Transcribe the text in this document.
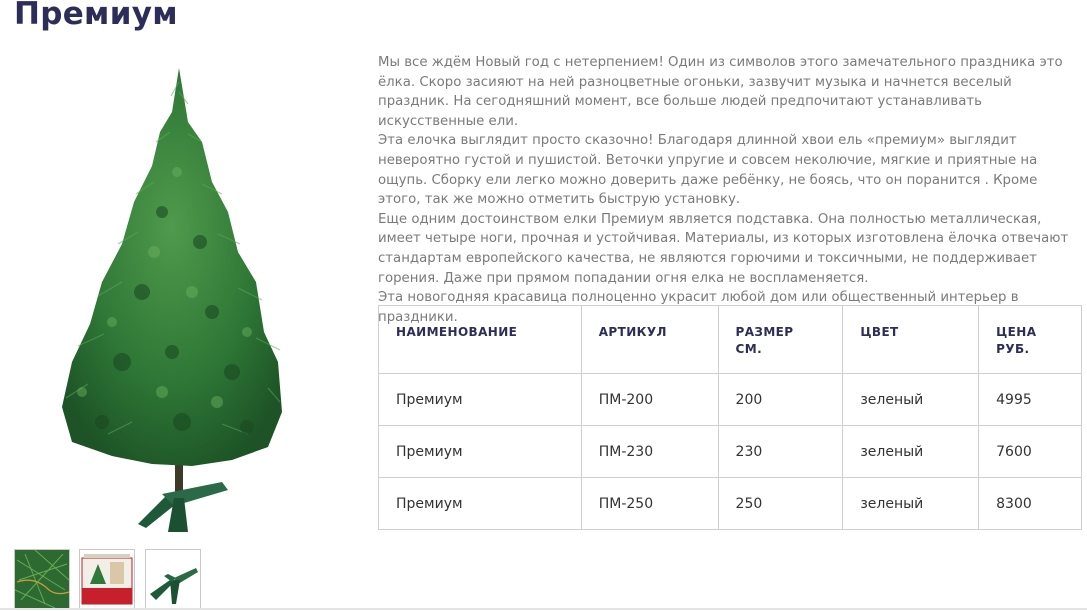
Премиум

Мы все ждём Новый год с нетерпением! Один из символов этого замечательного праздника это ёлка. Скоро засияют на ней разноцветные огоньки, зазвучит музыка и начнется веселый праздник. На сегодняшний момент, все больше людей предпочитают устанавливать искусственные ели.

Эта елочка выглядит просто сказочно! Благодаря длинной хвои ель «премиум» выглядит невероятно густой и пушистой. Веточки упругие и совсем неколючие, мягкие и приятные на ощупь. Сборку ели легко можно доверить даже ребёнку, не боясь, что он поранится . Кроме этого, так же можно отметить быструю установку.

Еще одним достоинством елки Премиум является подставка. Она полностью металлическая, имеет четыре ноги, прочная и устойчивая. Материалы, из которых изготовлена ёлочка отвечают стандартам европейского качества, не являются горючими и токсичными, не поддерживает горения. Даже при прямом попадании огня елка не воспламеняется.

Эта новогодняя красавица полноценно украсит любой дом или общественный интерьер в праздники.

НАИМЕНОВАНИЕ	АРТИКУЛ	РАЗМЕР СМ.	ЦВЕТ	ЦЕНА РУБ.

Премиум	ПМ-200	200	зеленый	4995
Премиум	ПМ-230	230	зеленый	7600
Премиум	ПМ-250	250	зеленый	8300
